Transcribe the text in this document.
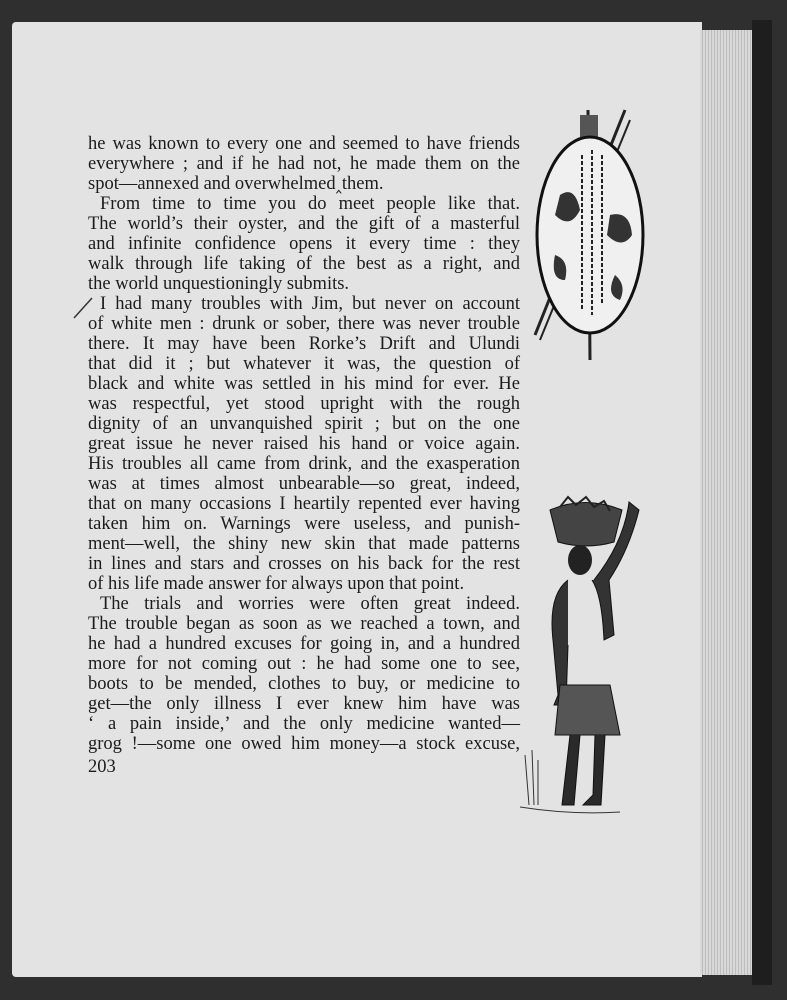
he was known to every one and seemed to have friends
everywhere ; and if he had not, he made them on the
spot—annexed and overwhelmed‸them.
From time to time you do meet people like that.
The world’s their oyster, and the gift of a masterful
and infinite confidence opens it every time : they
walk through life taking of the best as a right, and
the world unquestioningly submits.
I had many troubles with Jim, but never on account
of white men : drunk or sober, there was never trouble
there. It may have been Rorke’s Drift and Ulundi
that did it ; but whatever it was, the question of
black and white was settled in his mind for ever. He
was respectful, yet stood upright with the rough
dignity of an unvanquished spirit ; but on the one
great issue he never raised his hand or voice again.
His troubles all came from drink, and the exasperation
was at times almost unbearable—so great, indeed,
that on many occasions I heartily repented ever having
taken him on. Warnings were useless, and punish-
ment—well, the shiny new skin that made patterns
in lines and stars and crosses on his back for the rest
of his life made answer for always upon that point.
The trials and worries were often great indeed.
The trouble began as soon as we reached a town, and
he had a hundred excuses for going in, and a hundred
more for not coming out : he had some one to see,
boots to be mended, clothes to buy, or medicine to
get—the only illness I ever knew him have was
‘ a pain inside,’ and the only medicine wanted—
grog !—some one owed him money—a stock excuse,
203
